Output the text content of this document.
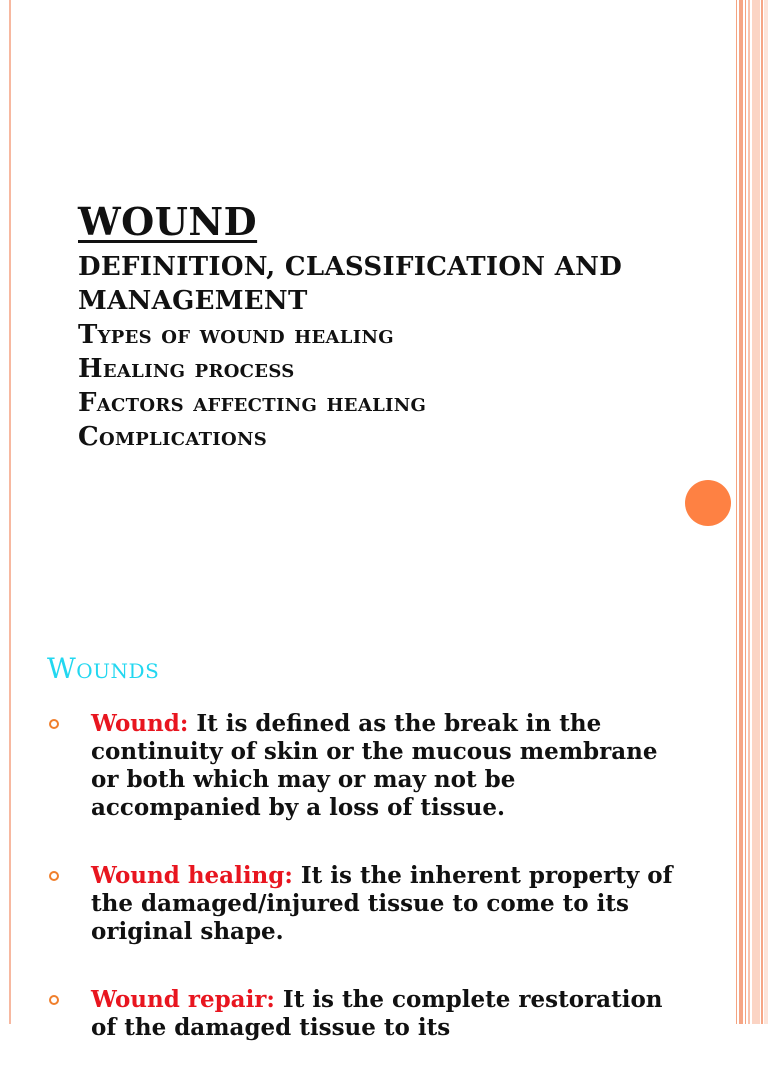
WOUND
DEFINITION, CLASSIFICATION AND
MANAGEMENT
Types of wound healing
Healing process
Factors affecting healing
Complications
Wounds
Wound: It is defined as the break in the continuity of skin or the mucous membrane or both which may or may not be accompanied by a loss of tissue.
Wound healing: It is the inherent property of the damaged/injured tissue to come to its original shape.
Wound repair: It is the complete restoration of the damaged tissue to its
